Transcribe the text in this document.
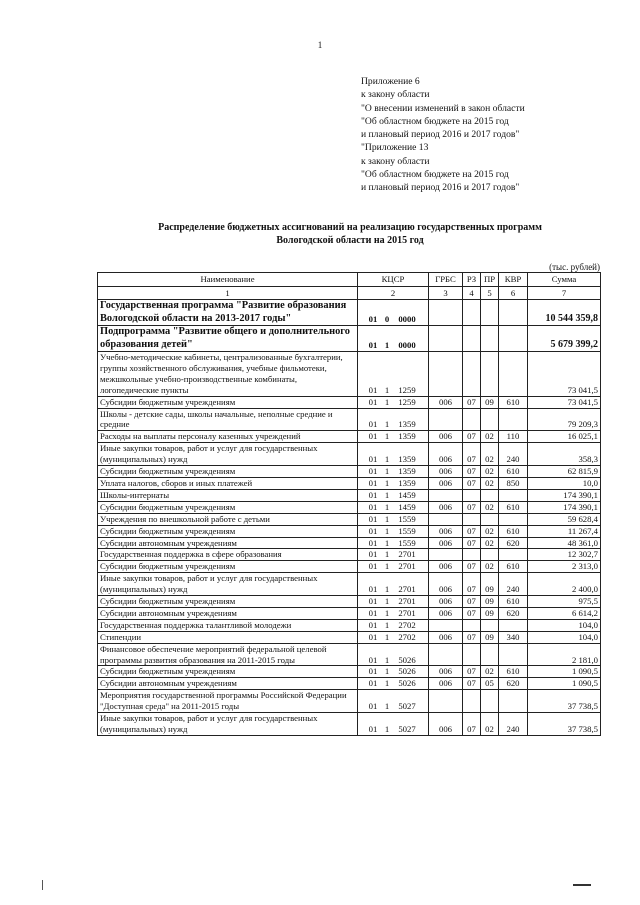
1
Приложение 6
к закону области
"О внесении изменений в закон области
"Об областном бюджете на 2015 год
и плановый период 2016 и 2017 годов"
"Приложение 13
к закону области
"Об областном бюджете на 2015 год
и плановый период 2016 и 2017 годов"
Распределение бюджетных ассигнований на реализацию государственных программ
Вологодской области на 2015 год
(тыс. рублей)
Наименование	КЦСР	ГРБС	РЗ	ПР	КВР	Сумма
1	2	3	4	5	6	7
Государственная программа "Развитие образования Вологодской области на 2013-2017 годы"	01 0 0000					10 544 359,8
Подпрограмма "Развитие общего и дополнительного образования детей"	01 1 0000					5 679 399,2
Учебно-методические кабинеты, централизованные бухгалтерии, группы хозяйственного обслуживания, учебные фильмотеки, межшкольные учебно-производственные комбинаты, логопедические пункты	01 1 1259					73 041,5
Субсидии бюджетным учреждениям	01 1 1259	006	07	09	610	73 041,5
Школы - детские сады, школы начальные, неполные средние и средние	01 1 1359					79 209,3
Расходы на выплаты персоналу казенных учреждений	01 1 1359	006	07	02	110	16 025,1
Иные закупки товаров, работ и услуг для государственных (муниципальных) нужд	01 1 1359	006	07	02	240	358,3
Субсидии бюджетным учреждениям	01 1 1359	006	07	02	610	62 815,9
Уплата налогов, сборов и иных платежей	01 1 1359	006	07	02	850	10,0
Школы-интернаты	01 1 1459					174 390,1
Субсидии бюджетным учреждениям	01 1 1459	006	07	02	610	174 390,1
Учреждения по внешкольной работе с детьми	01 1 1559					59 628,4
Субсидии бюджетным учреждениям	01 1 1559	006	07	02	610	11 267,4
Субсидии автономным учреждениям	01 1 1559	006	07	02	620	48 361,0
Государственная поддержка в сфере образования	01 1 2701					12 302,7
Субсидии бюджетным учреждениям	01 1 2701	006	07	02	610	2 313,0
Иные закупки товаров, работ и услуг для государственных (муниципальных) нужд	01 1 2701	006	07	09	240	2 400,0
Субсидии бюджетным учреждениям	01 1 2701	006	07	09	610	975,5
Субсидии автономным учреждениям	01 1 2701	006	07	09	620	6 614,2
Государственная поддержка талантливой молодежи	01 1 2702					104,0
Стипендии	01 1 2702	006	07	09	340	104,0
Финансовое обеспечение мероприятий федеральной целевой программы развития образования на 2011-2015 годы	01 1 5026					2 181,0
Субсидии бюджетным учреждениям	01 1 5026	006	07	02	610	1 090,5
Субсидии автономным учреждениям	01 1 5026	006	07	05	620	1 090,5
Мероприятия государственной программы Российской Федерации "Доступная среда" на 2011-2015 годы	01 1 5027					37 738,5
Иные закупки товаров, работ и услуг для государственных (муниципальных) нужд	01 1 5027	006	07	02	240	37 738,5
